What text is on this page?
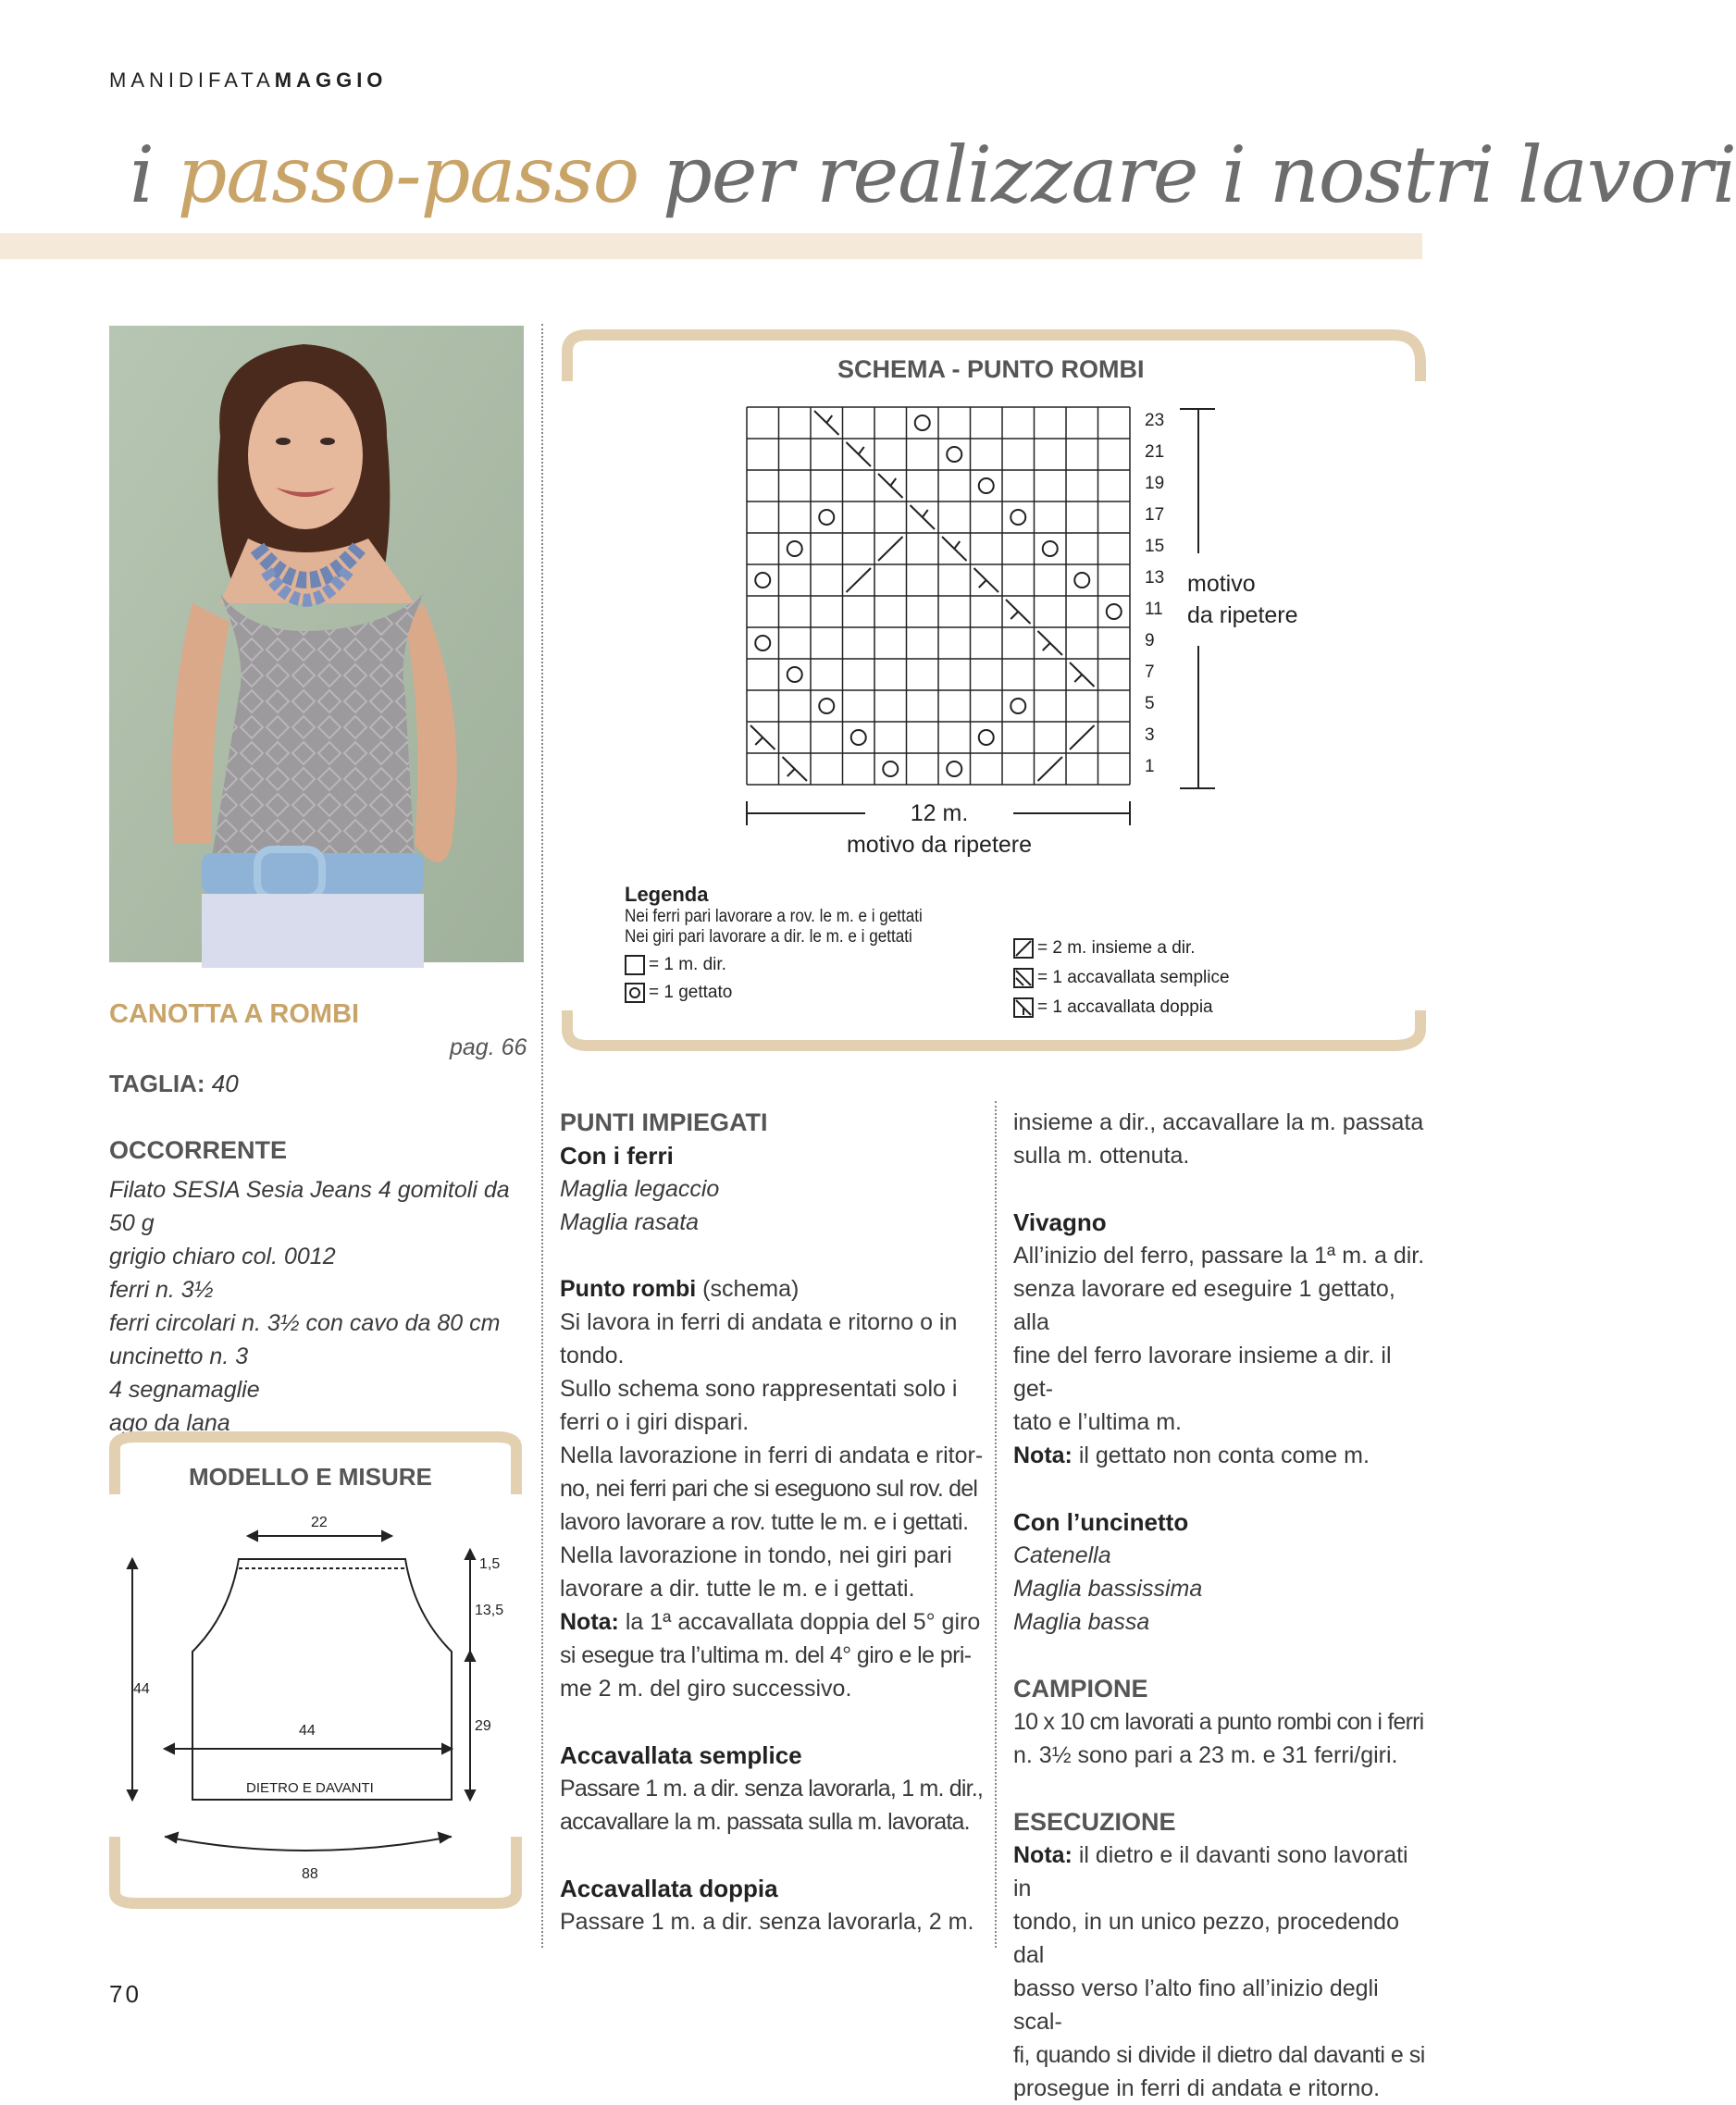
MANIDIFATAMAGGIO
i passo-passo per realizzare i nostri lavori
CANOTTA A ROMBI
pag. 66
TAGLIA: 40
OCCORRENTE

Filato SESIA Sesia Jeans 4 gomitoli da 50 g

grigio chiaro col. 0012

ferri n. 3½

ferri circolari n. 3½ con cavo da 80 cm

uncinetto n. 3

4 segnamaglie

ago da lana

MODELLO E MISURE
22
1,5
13,5
44
44	29
DIETRO E DAVANTI
88
SCHEMA - PUNTO ROMBI
23
21
19
17
15
13
11
9
7
5
3
1
motivo
da ripetere
12 m.
motivo da ripetere
Legenda
Nei ferri pari lavorare a rov. le m. e i gettati
Nei giri pari lavorare a dir. le m. e i gettati
= 1 m. dir.
= 1 gettato
= 2 m. insieme a dir.
= 1 accavallata semplice
= 1 accavallata doppia
PUNTI IMPIEGATI
Con i ferri

Maglia legaccio

Maglia rasata

Punto rombi (schema)

Si lavora in ferri di andata e ritorno o in

tondo.

Sullo schema sono rappresentati solo i

ferri o i giri dispari.

Nella lavorazione in ferri di andata e ritor-

no, nei ferri pari che si eseguono sul rov. del

lavoro lavorare a rov. tutte le m. e i gettati.

Nella lavorazione in tondo, nei giri pari

lavorare a dir. tutte le m. e i gettati.

Nota: la 1ª accavallata doppia del 5° giro

si esegue tra l’ultima m. del 4° giro e le pri-

me 2 m. del giro successivo.

Accavallata semplice

Passare 1 m. a dir. senza lavorarla, 1 m. dir.,

accavallare la m. passata sulla m. lavorata.

Accavallata doppia

Passare 1 m. a dir. senza lavorarla, 2 m.

insieme a dir., accavallare la m. passata

sulla m. ottenuta.

Vivagno

All’inizio del ferro, passare la 1ª m. a dir.

senza lavorare ed eseguire 1 gettato, alla

fine del ferro lavorare insieme a dir. il get-

tato e l’ultima m.

Nota: il gettato non conta come m.

Con l’uncinetto

Catenella

Maglia bassissima

Maglia bassa

CAMPIONE

10 x 10 cm lavorati a punto rombi con i ferri

n. 3½ sono pari a 23 m. e 31 ferri/giri.

ESECUZIONE

Nota: il dietro e il davanti sono lavorati in

tondo, in un unico pezzo, procedendo dal

basso verso l’alto fino all’inizio degli scal-

fi, quando si divide il dietro dal davanti e si

prosegue in ferri di andata e ritorno.

70
